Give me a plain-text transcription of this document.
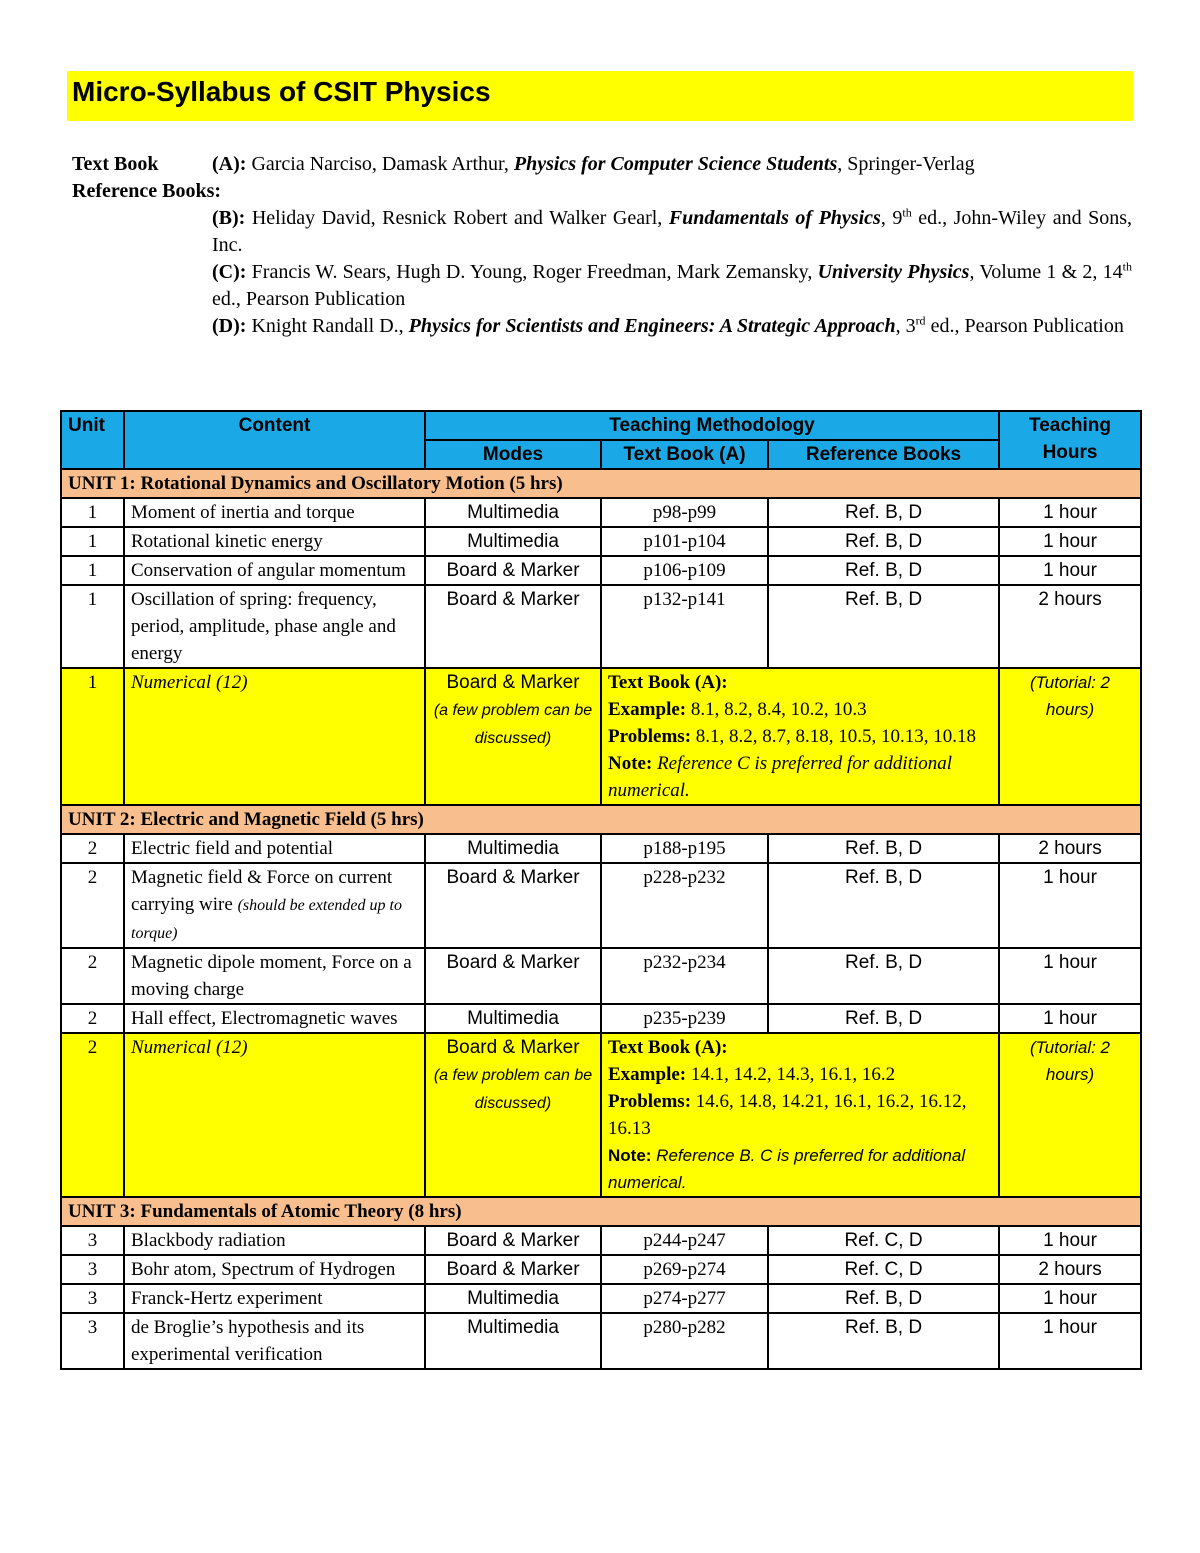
Micro-Syllabus of CSIT Physics
Text Book	(A): Garcia Narciso, Damask Arthur, Physics for Computer Science Students, Springer-Verlag
Reference Books:
(B): Heliday David, Resnick Robert and Walker Gearl, Fundamentals of Physics, 9th ed., John-Wiley and Sons, Inc.
(C): Francis W. Sears, Hugh D. Young, Roger Freedman, Mark Zemansky, University Physics, Volume 1 & 2, 14th ed., Pearson Publication
(D): Knight Randall D., Physics for Scientists and Engineers: A Strategic Approach, 3rd ed., Pearson Publication
Unit	Content	Teaching Methodology			Teaching
Hours
		Modes	Text Book (A)	Reference Books	
UNIT 1: Rotational Dynamics and Oscillatory Motion (5 hrs)					
1	Moment of inertia and torque	Multimedia	p98-p99	Ref. B, D	1 hour
1	Rotational kinetic energy	Multimedia	p101-p104	Ref. B, D	1 hour
1	Conservation of angular momentum	Board & Marker	p106-p109	Ref. B, D	1 hour
1	Oscillation of spring: frequency, period, amplitude, phase angle and energy	Board & Marker	p132-p141	Ref. B, D	2 hours
1	Numerical (12)	Board & Marker
(a few problem can be discussed)	Text Book (A):
Example: 8.1, 8.2, 8.4, 10.2, 10.3
Problems: 8.1, 8.2, 8.7, 8.18, 10.5, 10.13, 10.18
Note: Reference C is preferred for additional numerical.		(Tutorial: 2 hours)
UNIT 2: Electric and Magnetic Field (5 hrs)					
2	Electric field and potential	Multimedia	p188-p195	Ref. B, D	2 hours
2	Magnetic field & Force on current carrying wire (should be extended up to torque)	Board & Marker	p228-p232	Ref. B, D	1 hour
2	Magnetic dipole moment, Force on a moving charge	Board & Marker	p232-p234	Ref. B, D	1 hour
2	Hall effect, Electromagnetic waves	Multimedia	p235-p239	Ref. B, D	1 hour
2	Numerical (12)	Board & Marker
(a few problem can be discussed)	Text Book (A):
Example: 14.1, 14.2, 14.3, 16.1, 16.2
Problems: 14.6, 14.8, 14.21, 16.1, 16.2, 16.12, 16.13
Note: Reference B. C is preferred for additional numerical.		(Tutorial: 2 hours)
UNIT 3: Fundamentals of Atomic Theory (8 hrs)					
3	Blackbody radiation	Board & Marker	p244-p247	Ref. C, D	1 hour
3	Bohr atom, Spectrum of Hydrogen	Board & Marker	p269-p274	Ref. C, D	2 hours
3	Franck-Hertz experiment	Multimedia	p274-p277	Ref. B, D	1 hour
3	de Broglie’s hypothesis and its experimental verification	Multimedia	p280-p282	Ref. B, D	1 hour
